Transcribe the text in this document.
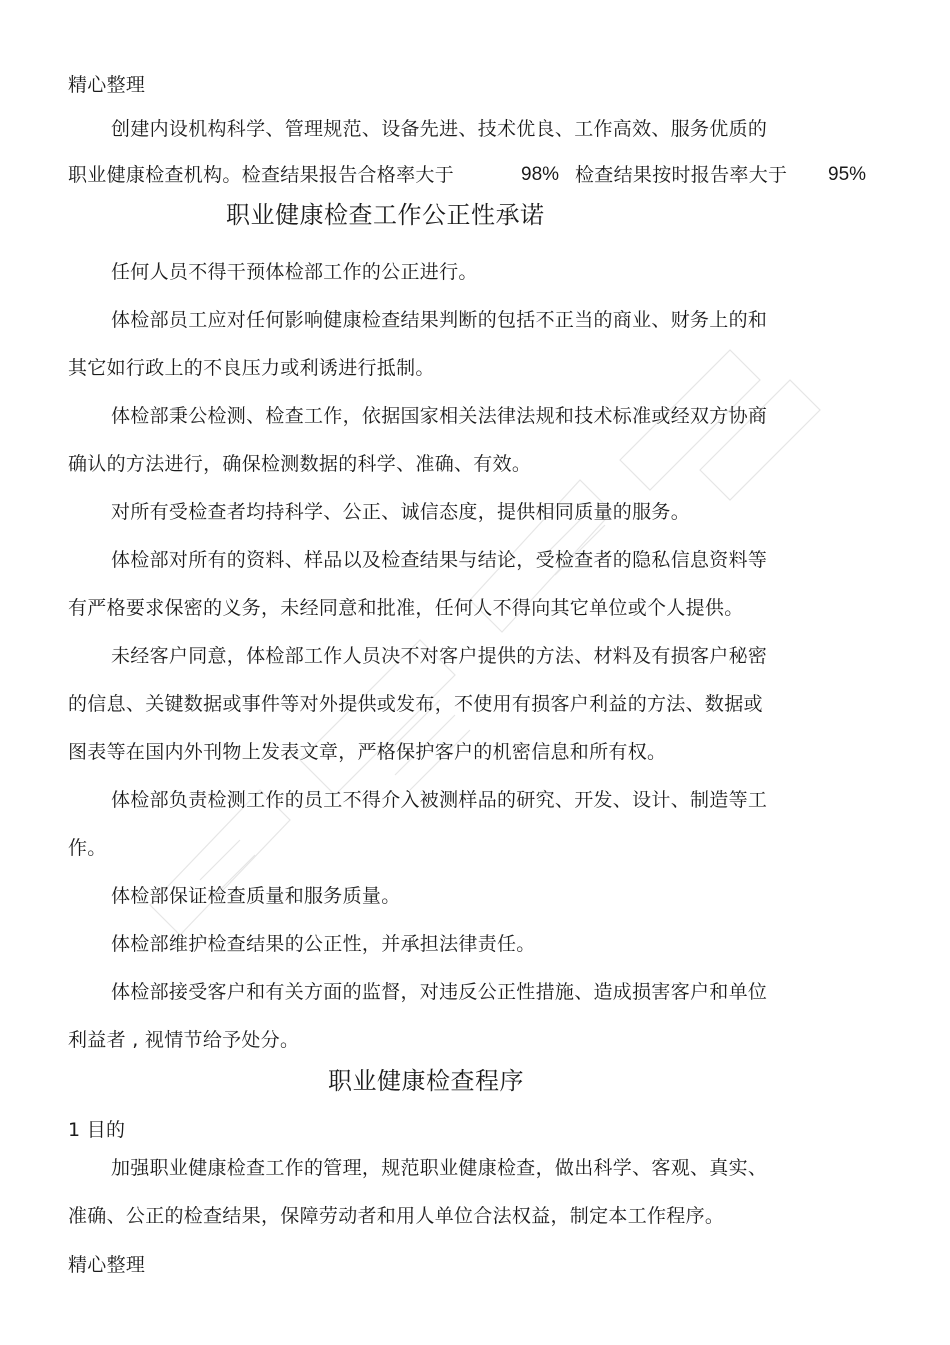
精心整理
创建内设机构科学、管理规范、设备先进、技术优良、工作高效、服务优质的
职业健康检查机构。检查结果报告合格率大于	98% 检查结果按时报告率大于 95%
职业健康检查工作公正性承诺
任何人员不得干预体检部工作的公正进行。
体检部员工应对任何影响健康检查结果判断的包括不正当的商业、财务上的和
其它如行政上的不良压力或利诱进行抵制。
体检部秉公检测、检查工作，依据国家相关法律法规和技术标准或经双方协商
确认的方法进行，确保检测数据的科学、准确、有效。
对所有受检查者均持科学、公正、诚信态度，提供相同质量的服务。
体检部对所有的资料、样品以及检查结果与结论，受检查者的隐私信息资料等
有严格要求保密的义务，未经同意和批准，任何人不得向其它单位或个人提供。
未经客户同意，体检部工作人员决不对客户提供的方法、材料及有损客户秘密
的信息、关键数据或事件等对外提供或发布，不使用有损客户利益的方法、数据或
图表等在国内外刊物上发表文章，严格保护客户的机密信息和所有权。
体检部负责检测工作的员工不得介入被测样品的研究、开发、设计、制造等工
作。
体检部保证检查质量和服务质量。
体检部维护检查结果的公正性，并承担法律责任。
体检部接受客户和有关方面的监督，对违反公正性措施、造成损害客户和单位
利益者 , 视情节给予处分。
职业健康检查程序
1 目的
加强职业健康检查工作的管理，规范职业健康检查，做出科学、客观、真实、
准确、公正的检查结果，保障劳动者和用人单位合法权益，制定本工作程序。
精心整理
